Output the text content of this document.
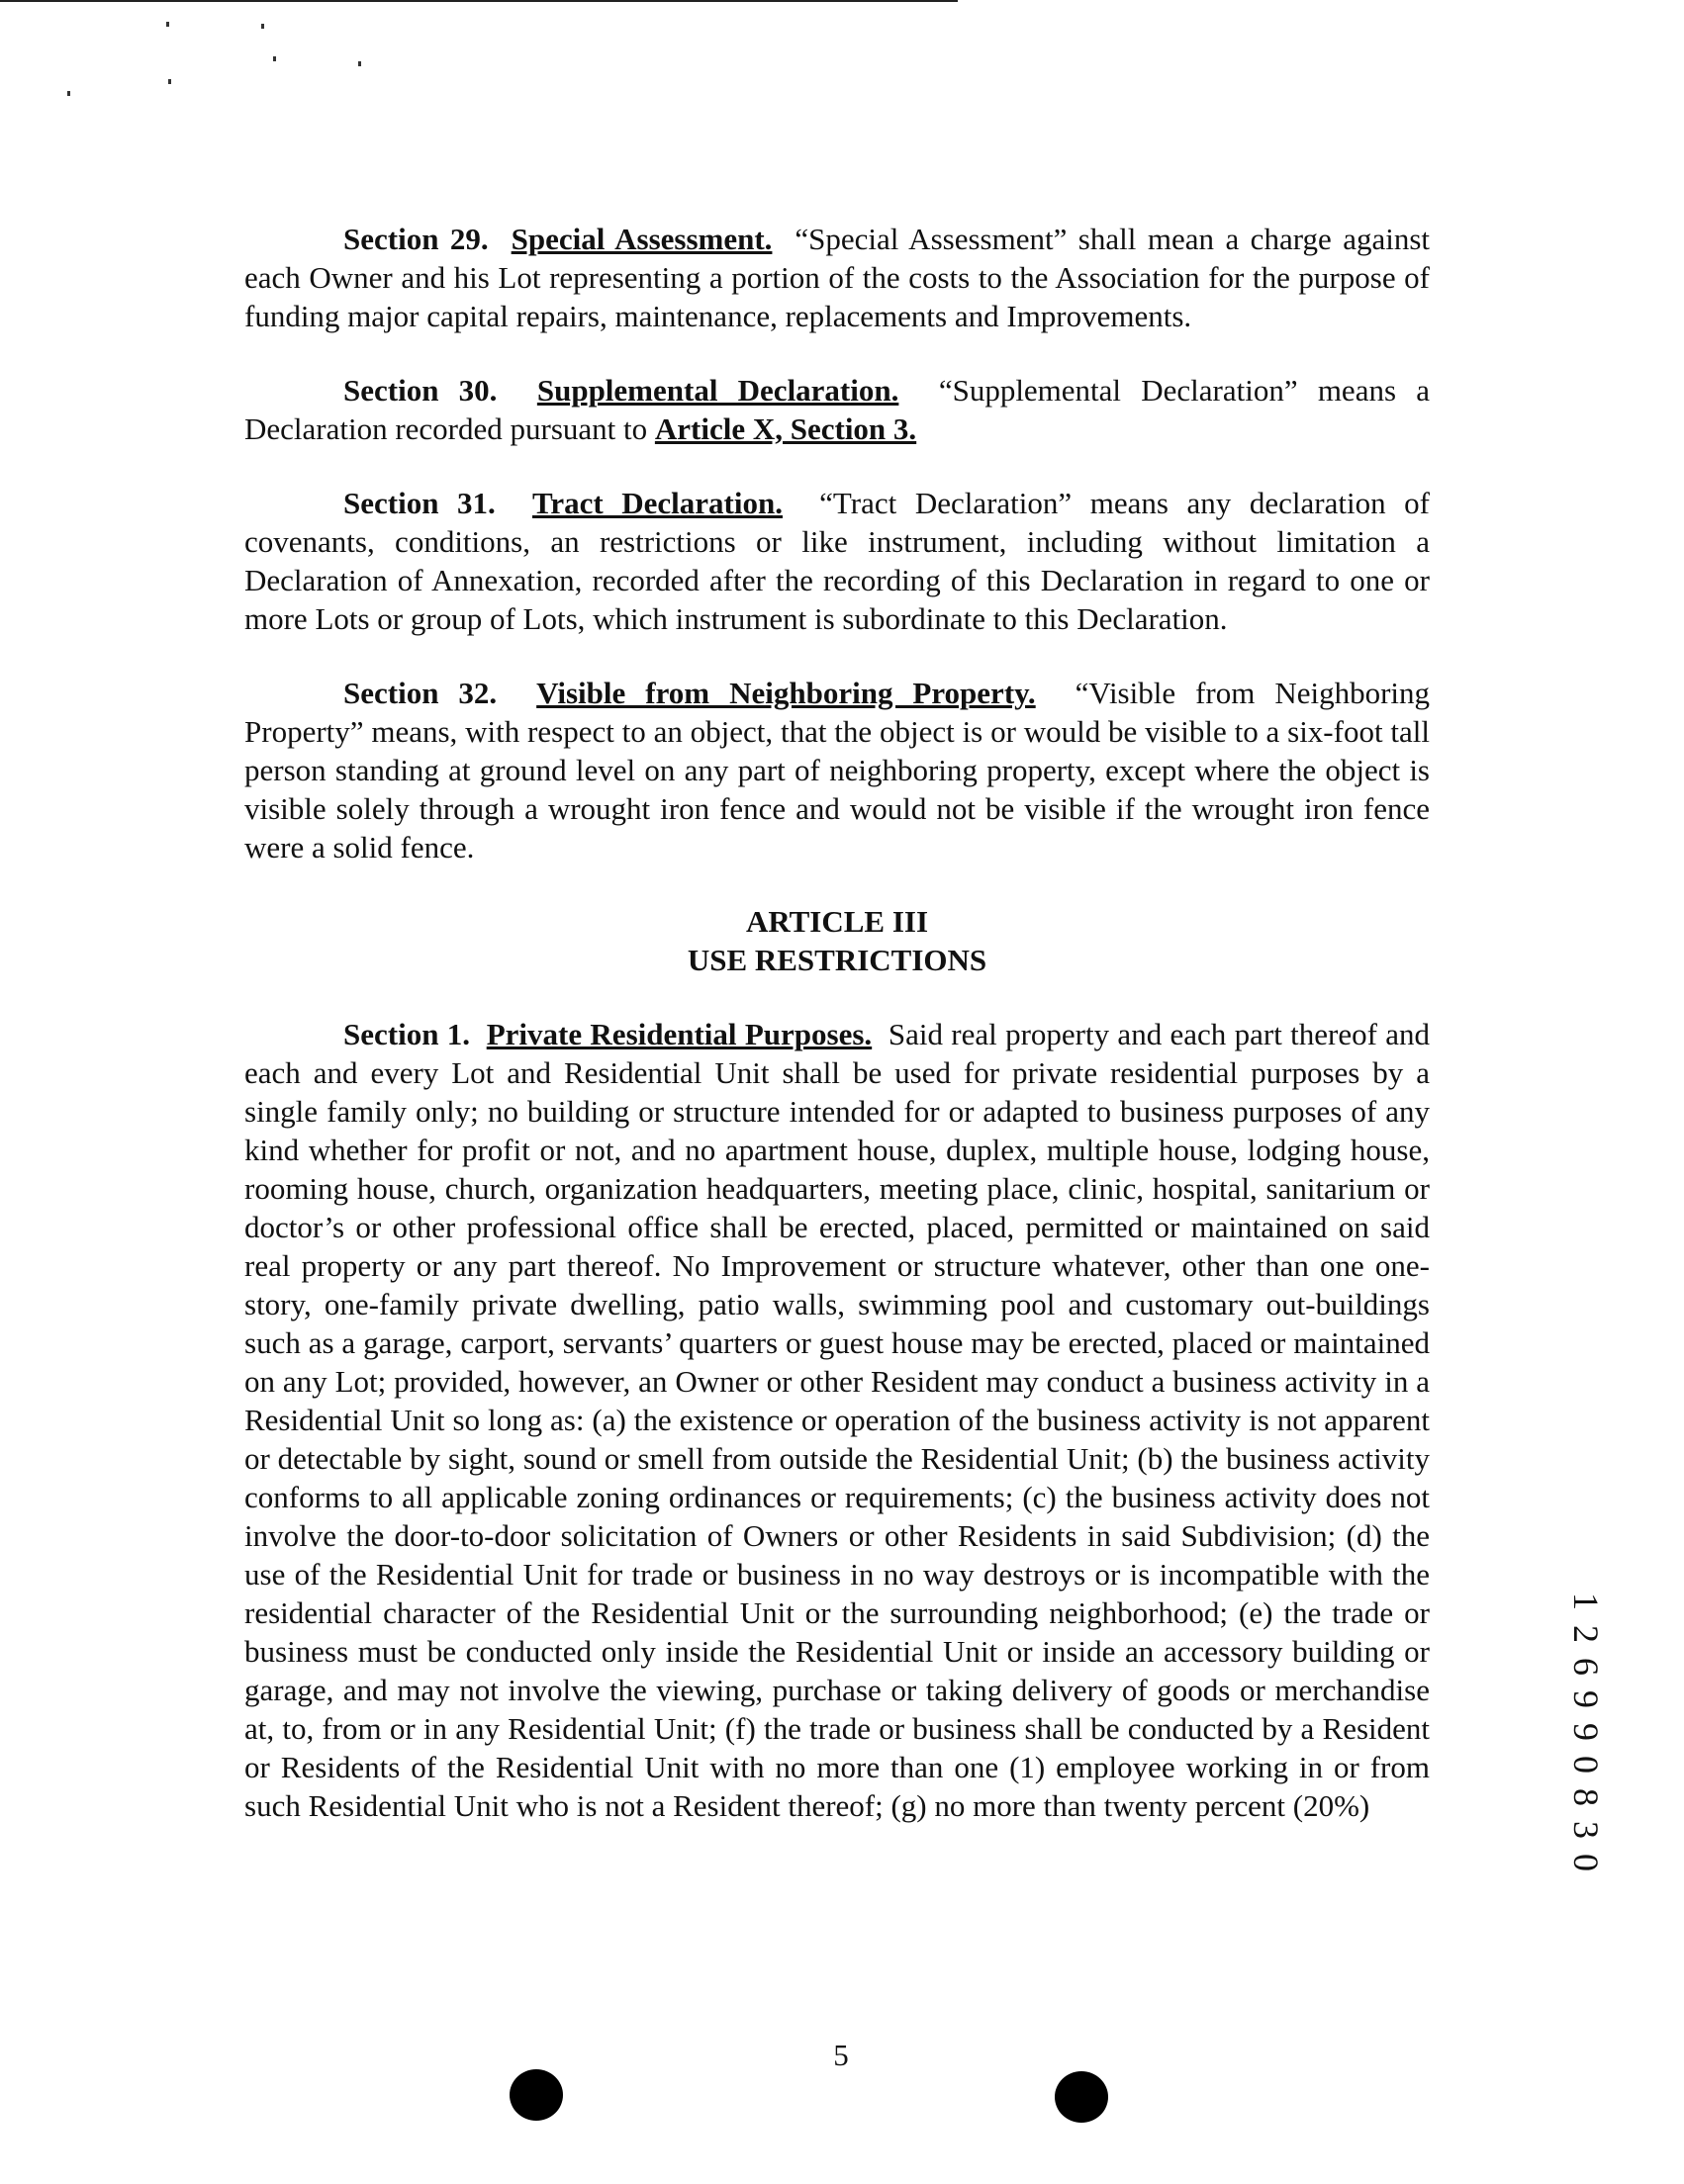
Section 29. Special Assessment. “Special Assessment” shall mean a charge against each Owner and his Lot representing a portion of the costs to the Association for the purpose of funding major capital repairs, maintenance, replacements and Improvements.

Section 30. Supplemental Declaration. “Supplemental Declaration” means a Declaration recorded pursuant to Article X, Section 3.

Section 31. Tract Declaration. “Tract Declaration” means any declaration of covenants, conditions, an restrictions or like instrument, including without limitation a Declaration of Annexation, recorded after the recording of this Declaration in regard to one or more Lots or group of Lots, which instrument is subordinate to this Declaration.

Section 32. Visible from Neighboring Property. “Visible from Neighboring Property” means, with respect to an object, that the object is or would be visible to a six-foot tall person standing at ground level on any part of neighboring property, except where the object is visible solely through a wrought iron fence and would not be visible if the wrought iron fence were a solid fence.

ARTICLE III
USE RESTRICTIONS

Section 1. Private Residential Purposes. Said real property and each part thereof and each and every Lot and Residential Unit shall be used for private residential purposes by a single family only; no building or structure intended for or adapted to business purposes of any kind whether for profit or not, and no apartment house, duplex, multiple house, lodging house, rooming house, church, organization headquarters, meeting place, clinic, hospital, sanitarium or doctor’s or other professional office shall be erected, placed, permitted or maintained on said real property or any part thereof. No Improvement or structure whatever, other than one one-story, one-family private dwelling, patio walls, swimming pool and customary out-buildings such as a garage, carport, servants’ quarters or guest house may be erected, placed or maintained on any Lot; provided, however, an Owner or other Resident may conduct a business activity in a Residential Unit so long as: (a) the existence or operation of the business activity is not apparent or detectable by sight, sound or smell from outside the Residential Unit; (b) the business activity conforms to all applicable zoning ordinances or requirements; (c) the business activity does not involve the door-to-door solicitation of Owners or other Residents in said Subdivision; (d) the use of the Residential Unit for trade or business in no way destroys or is incompatible with the residential character of the Residential Unit or the surrounding neighborhood; (e) the trade or business must be conducted only inside the Residential Unit or inside an accessory building or garage, and may not involve the viewing, purchase or taking delivery of goods or merchandise at, to, from or in any Residential Unit; (f) the trade or business shall be conducted by a Resident or Residents of the Residential Unit with no more than one (1) employee working in or from such Residential Unit who is not a Resident thereof; (g) no more than twenty percent (20%)	1 2 6 9 9 0 8 3 0
5
